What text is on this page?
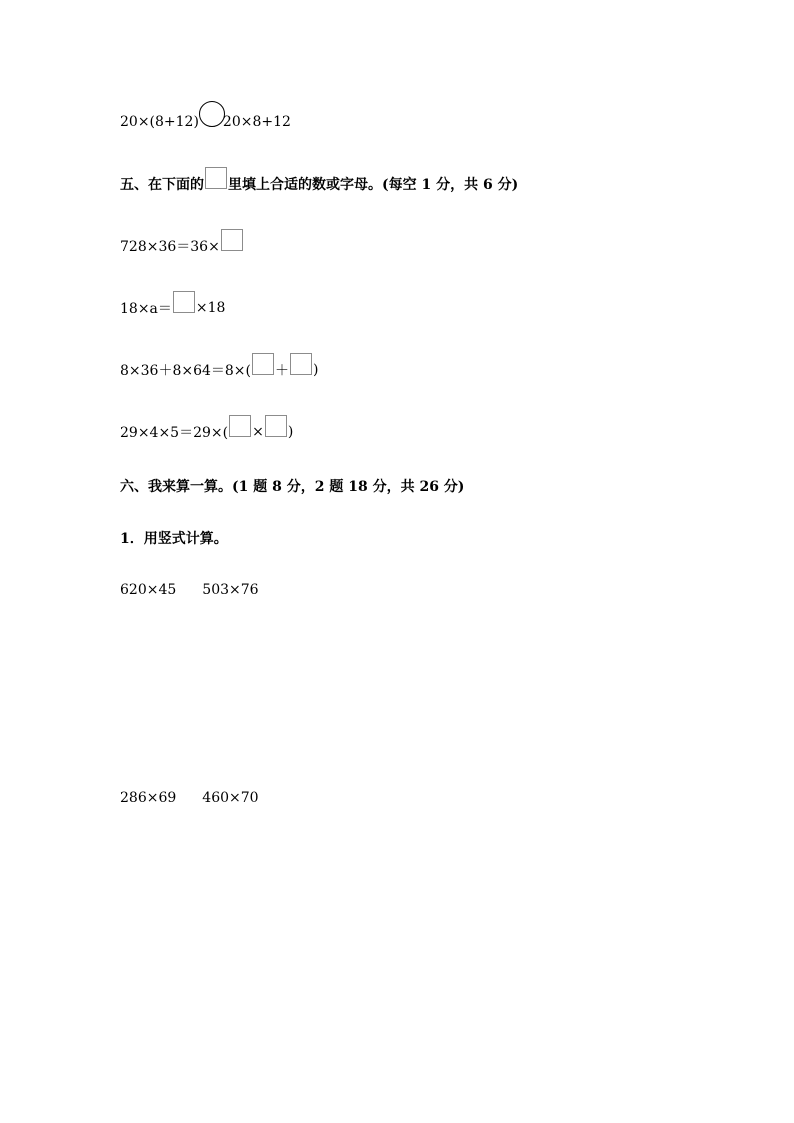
20×(8+12) 20×8+12
五、在下面的 里填上合适的数或字母。(每空 1 分，共 6 分)
728×36＝36×
18×a＝ ×18
8×36＋8×64＝8×( ＋ )
29×4×5＝29×( × )
六、我来算一算。(1 题 8 分，2 题 18 分，共 26 分)
1．用竖式计算。
620×45 503×76
286×69 460×70
